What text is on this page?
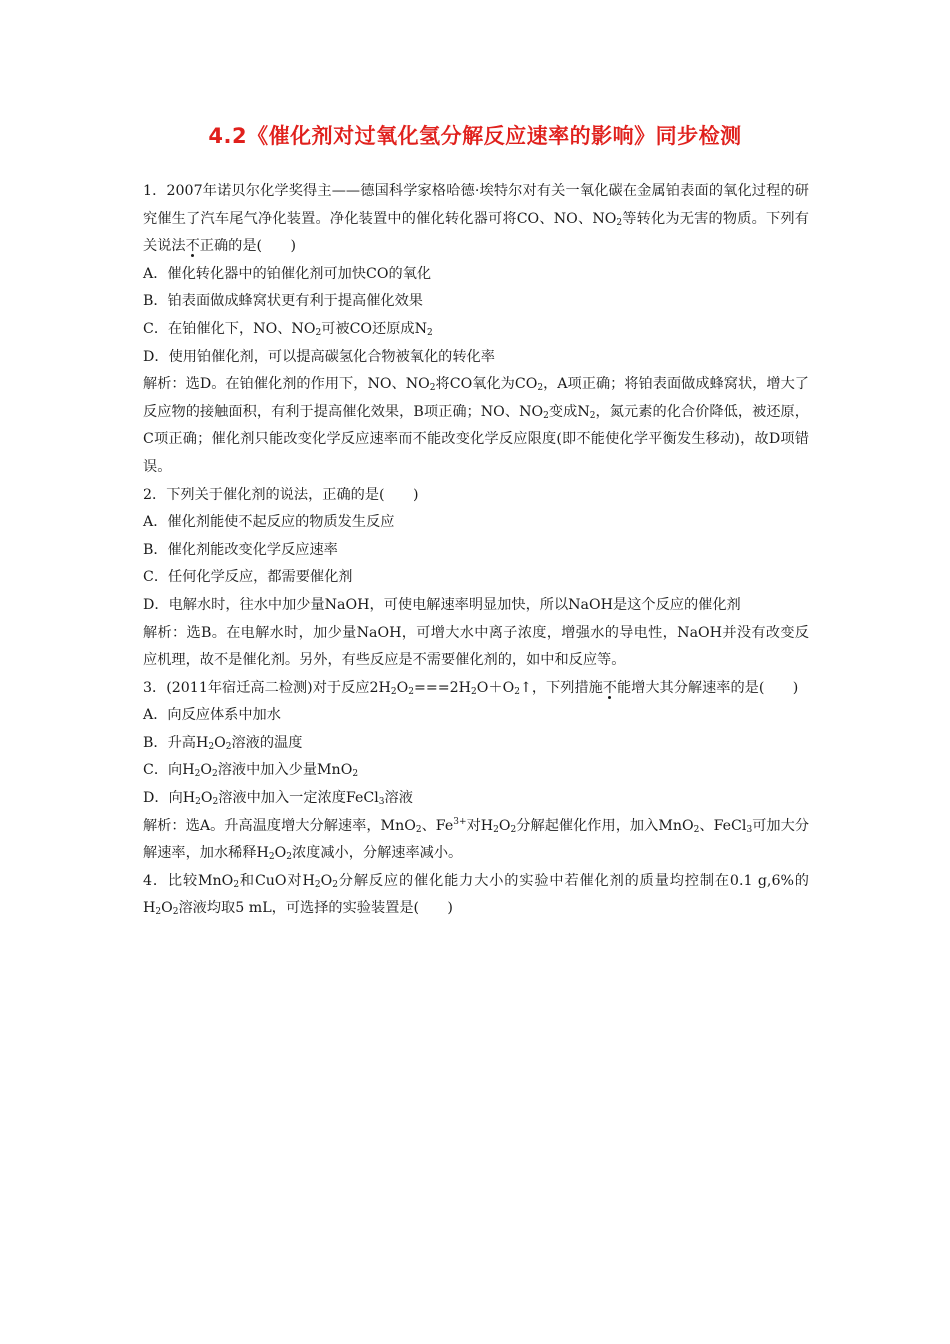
4.2《催化剂对过氧化氢分解反应速率的影响》同步检测

1．2007年诺贝尔化学奖得主——德国科学家格哈德·埃特尔对有关一氧化碳在金属铂表面的氧化过程的研究催生了汽车尾气净化装置。净化装置中的催化转化器可将CO、NO、$NO_2$等转化为无害的物质。下列有关说法不正确的是(　　)

A．催化转化器中的铂催化剂可加快CO的氧化

B．铂表面做成蜂窝状更有利于提高催化效果

C．在铂催化下，NO、$NO_2$可被CO还原成$N_2$

D．使用铂催化剂，可以提高碳氢化合物被氧化的转化率

解析：选D。在铂催化剂的作用下，NO、$NO_2$将CO氧化为$CO_2$，A项正确；将铂表面做成蜂窝状，增大了反应物的接触面积，有利于提高催化效果，B项正确；NO、$NO_2$变成$N_2$，氮元素的化合价降低，被还原，C项正确；催化剂只能改变化学反应速率而不能改变化学反应限度(即不能使化学平衡发生移动)，故D项错误。

2．下列关于催化剂的说法，正确的是(　　)

A．催化剂能使不起反应的物质发生反应

B．催化剂能改变化学反应速率

C．任何化学反应，都需要催化剂

D．电解水时，往水中加少量NaOH，可使电解速率明显加快，所以NaOH是这个反应的催化剂

解析：选B。在电解水时，加少量NaOH，可增大水中离子浓度，增强水的导电性，NaOH并没有改变反应机理，故不是催化剂。另外，有些反应是不需要催化剂的，如中和反应等。

3．(2011年宿迁高二检测)对于反应$2H_2O_2===2H_2O+O_2↑$，下列措施不能增大其分解速率的是(　　)

A．向反应体系中加水

B．升高$H_2O_2$溶液的温度

C．向$H_2O_2$溶液中加入少量MnO$_2$

D．向$H_2O_2$溶液中加入一定浓度FeCl$_3$溶液

解析：选A。升高温度增大分解速率，MnO$_2$、$Fe^{3+}$对$H_2O_2$分解起催化作用，加入MnO$_2$、FeCl$_3$可加大分解速率，加水稀释$H_2O_2$浓度减小，分解速率减小。

4．比较MnO$_2$和CuO对$H_2O_2$分解反应的催化能力大小的实验中若催化剂的质量均控制在0.1 g,6%的$H_2O_2$溶液均取5 mL，可选择的实验装置是(　　)
